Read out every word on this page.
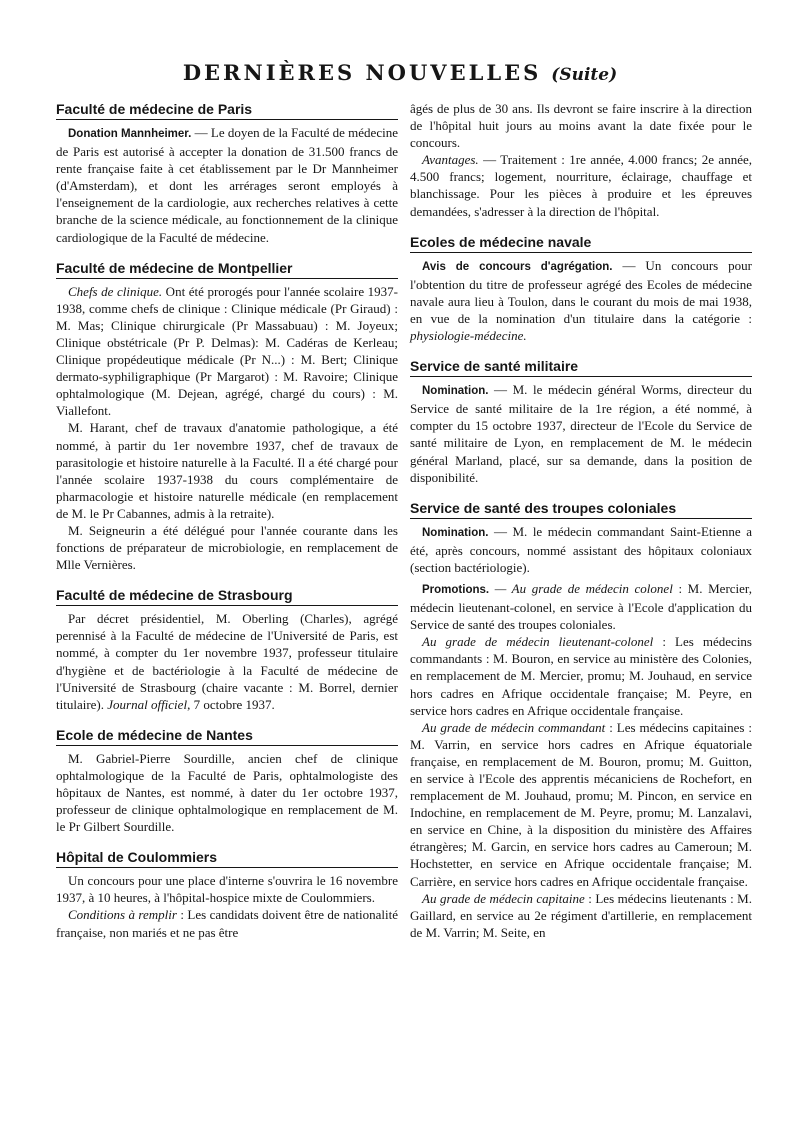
DERNIÈRES NOUVELLES (Suite)
Faculté de médecine de Paris

Donation Mannheimer. — Le doyen de la Faculté de médecine de Paris est autorisé à accepter la donation de 31.500 francs de rente française faite à cet établissement par le Dr Mannheimer (d'Amsterdam), et dont les arrérages seront employés à l'enseignement de la cardiologie, aux recherches relatives à cette branche de la science médicale, au fonctionnement de la clinique cardiologique de la Faculté de médecine.

Faculté de médecine de Montpellier

Chefs de clinique. Ont été prorogés pour l'année scolaire 1937-1938, comme chefs de clinique : Clinique médicale (Pr Giraud) : M. Mas; Clinique chirurgicale (Pr Massabuau) : M. Joyeux; Clinique obstétricale (Pr P. Delmas): M. Cadéras de Kerleau; Clinique propédeutique médicale (Pr N...) : M. Bert; Clinique dermato-syphiligraphique (Pr Margarot) : M. Ravoire; Clinique ophtalmologique (M. Dejean, agrégé, chargé du cours) : M. Viallefont.

M. Harant, chef de travaux d'anatomie pathologique, a été nommé, à partir du 1er novembre 1937, chef de travaux de parasitologie et histoire naturelle à la Faculté. Il a été chargé pour l'année scolaire 1937-1938 du cours complémentaire de pharmacologie et histoire naturelle médicale (en remplacement de M. le Pr Cabannes, admis à la retraite).

M. Seigneurin a été délégué pour l'année courante dans les fonctions de préparateur de microbiologie, en remplacement de Mlle Vernières.

Faculté de médecine de Strasbourg

Par décret présidentiel, M. Oberling (Charles), agrégé perennisé à la Faculté de médecine de l'Université de Paris, est nommé, à compter du 1er novembre 1937, professeur titulaire d'hygiène et de bactériologie à la Faculté de médecine de l'Université de Strasbourg (chaire vacante : M. Borrel, dernier titulaire). Journal officiel, 7 octobre 1937.

Ecole de médecine de Nantes

M. Gabriel-Pierre Sourdille, ancien chef de clinique ophtalmologique de la Faculté de Paris, ophtalmologiste des hôpitaux de Nantes, est nommé, à dater du 1er octobre 1937, professeur de clinique ophtalmologique en remplacement de M. le Pr Gilbert Sourdille.

Hôpital de Coulommiers

Un concours pour une place d'interne s'ouvrira le 16 novembre 1937, à 10 heures, à l'hôpital-hospice mixte de Coulommiers.

Conditions à remplir : Les candidats doivent être de nationalité française, non mariés et ne pas être

âgés de plus de 30 ans. Ils devront se faire inscrire à la direction de l'hôpital huit jours au moins avant la date fixée pour le concours.

Avantages. — Traitement : 1re année, 4.000 francs; 2e année, 4.500 francs; logement, nourriture, éclairage, chauffage et blanchissage. Pour les pièces à produire et les épreuves demandées, s'adresser à la direction de l'hôpital.

Ecoles de médecine navale

Avis de concours d'agrégation. — Un concours pour l'obtention du titre de professeur agrégé des Ecoles de médecine navale aura lieu à Toulon, dans le courant du mois de mai 1938, en vue de la nomination d'un titulaire dans la catégorie : physiologie-médecine.

Service de santé militaire

Nomination. — M. le médecin général Worms, directeur du Service de santé militaire de la 1re région, a été nommé, à compter du 15 octobre 1937, directeur de l'Ecole du Service de santé militaire de Lyon, en remplacement de M. le médecin général Marland, placé, sur sa demande, dans la position de disponibilité.

Service de santé des troupes coloniales

Nomination. — M. le médecin commandant Saint-Etienne a été, après concours, nommé assistant des hôpitaux coloniaux (section bactériologie).

Promotions. — Au grade de médecin colonel : M. Mercier, médecin lieutenant-colonel, en service à l'Ecole d'application du Service de santé des troupes coloniales.

Au grade de médecin lieutenant-colonel : Les médecins commandants : M. Bouron, en service au ministère des Colonies, en remplacement de M. Mercier, promu; M. Jouhaud, en service hors cadres en Afrique occidentale française; M. Peyre, en service hors cadres en Afrique occidentale française.

Au grade de médecin commandant : Les médecins capitaines : M. Varrin, en service hors cadres en Afrique équatoriale française, en remplacement de M. Bouron, promu; M. Guitton, en service à l'Ecole des apprentis mécaniciens de Rochefort, en remplacement de M. Jouhaud, promu; M. Pincon, en service en Indochine, en remplacement de M. Peyre, promu; M. Lanzalavi, en service en Chine, à la disposition du ministère des Affaires étrangères; M. Garcin, en service hors cadres au Cameroun; M. Hochstetter, en service en Afrique occidentale française; M. Carrière, en service hors cadres en Afrique occidentale française.

Au grade de médecin capitaine : Les médecins lieutenants : M. Gaillard, en service au 2e régiment d'artillerie, en remplacement de M. Varrin; M. Seite, en
